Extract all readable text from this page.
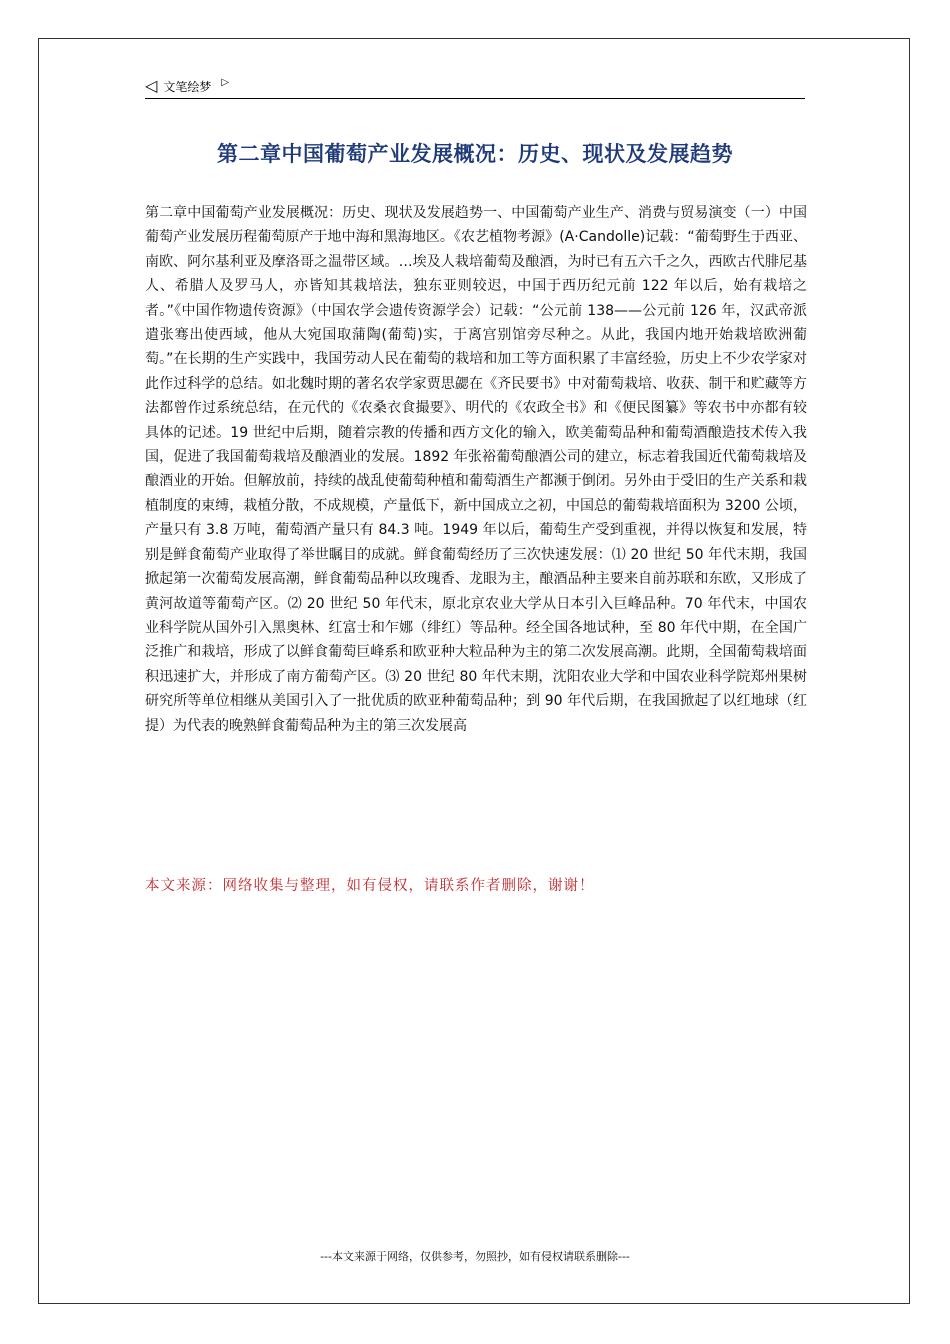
◁ 文笔绘梦 ▷
第二章中国葡萄产业发展概况：历史、现状及发展趋势
第二章中国葡萄产业发展概况：历史、现状及发展趋势一、中国葡萄产业生产、消费与贸易演变（一）中国葡萄产业发展历程葡萄原产于地中海和黑海地区。《农艺植物考源》(A·Candolle)记载：“葡萄野生于西亚、南欧、阿尔基利亚及摩洛哥之温带区域。…埃及人栽培葡萄及酿酒，为时已有五六千之久，西欧古代腓尼基人、希腊人及罗马人，亦皆知其栽培法，独东亚则较迟，中国于西历纪元前 122 年以后，始有栽培之者。”《中国作物遗传资源》（中国农学会遗传资源学会）记载：“公元前 138——公元前 126 年，汉武帝派遣张骞出使西域，他从大宛国取蒲陶(葡萄)实，于离宫别馆旁尽种之。从此，我国内地开始栽培欧洲葡萄。”在长期的生产实践中，我国劳动人民在葡萄的栽培和加工等方面积累了丰富经验，历史上不少农学家对此作过科学的总结。如北魏时期的著名农学家贾思勰在《齐民要书》中对葡萄栽培、收获、制干和贮藏等方法都曾作过系统总结，在元代的《农桑衣食撮要》、明代的《农政全书》和《便民图纂》等农书中亦都有较具体的记述。19 世纪中后期，随着宗教的传播和西方文化的输入，欧美葡萄品种和葡萄酒酿造技术传入我国，促进了我国葡萄栽培及酿酒业的发展。1892 年张裕葡萄酿酒公司的建立，标志着我国近代葡萄栽培及酿酒业的开始。但解放前，持续的战乱使葡萄种植和葡萄酒生产都濒于倒闭。另外由于受旧的生产关系和栽植制度的束缚，栽植分散，不成规模，产量低下，新中国成立之初，中国总的葡萄栽培面积为 3200 公顷，产量只有 3.8 万吨，葡萄酒产量只有 84.3 吨。1949 年以后，葡萄生产受到重视，并得以恢复和发展，特别是鲜食葡萄产业取得了举世瞩目的成就。鲜食葡萄经历了三次快速发展：⑴ 20 世纪 50 年代末期，我国掀起第一次葡萄发展高潮，鲜食葡萄品种以玫瑰香、龙眼为主，酿酒品种主要来自前苏联和东欧，又形成了黄河故道等葡萄产区。⑵ 20 世纪 50 年代末，原北京农业大学从日本引入巨峰品种。70 年代末，中国农业科学院从国外引入黑奥林、红富士和乍娜（绯红）等品种。经全国各地试种，至 80 年代中期，在全国广泛推广和栽培，形成了以鲜食葡萄巨峰系和欧亚种大粒品种为主的第二次发展高潮。此期，全国葡萄栽培面积迅速扩大，并形成了南方葡萄产区。⑶ 20 世纪 80 年代末期，沈阳农业大学和中国农业科学院郑州果树研究所等单位相继从美国引入了一批优质的欧亚种葡萄品种；到 90 年代后期，在我国掀起了以红地球（红提）为代表的晚熟鲜食葡萄品种为主的第三次发展高
本文来源：网络收集与整理，如有侵权，请联系作者删除，谢谢！
---本文来源于网络，仅供参考，勿照抄，如有侵权请联系删除---
